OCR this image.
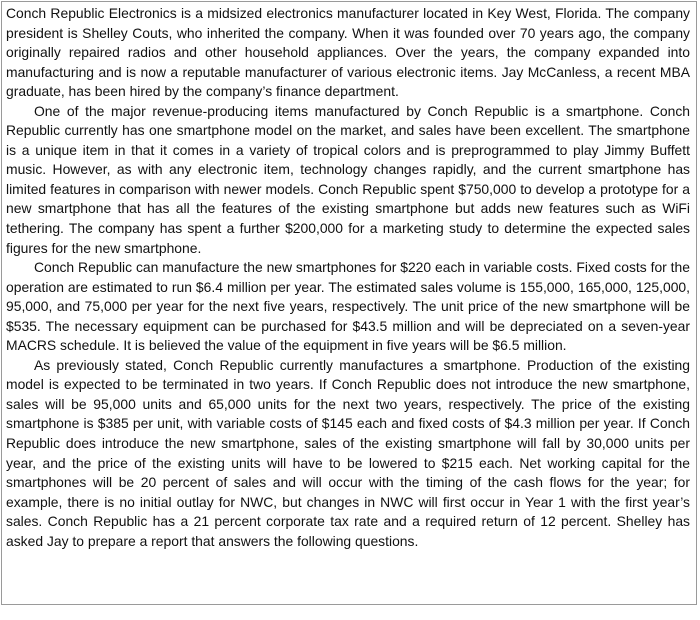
Conch Republic Electronics is a midsized electronics manufacturer located in Key West, Florida. The company president is Shelley Couts, who inherited the company. When it was founded over 70 years ago, the company originally repaired radios and other household appliances. Over the years, the company expanded into manufacturing and is now a reputable manufacturer of various electronic items. Jay McCanless, a recent MBA graduate, has been hired by the company’s finance department.

One of the major revenue-producing items manufactured by Conch Republic is a smartphone. Conch Republic currently has one smartphone model on the market, and sales have been excellent. The smartphone is a unique item in that it comes in a variety of tropical colors and is preprogrammed to play Jimmy Buffett music. However, as with any electronic item, technology changes rapidly, and the current smartphone has limited features in comparison with newer models. Conch Republic spent $750,000 to develop a prototype for a new smartphone that has all the features of the existing smartphone but adds new features such as WiFi tethering. The company has spent a further $200,000 for a marketing study to determine the expected sales figures for the new smartphone.

Conch Republic can manufacture the new smartphones for $220 each in variable costs. Fixed costs for the operation are estimated to run $6.4 million per year. The estimated sales volume is 155,000, 165,000, 125,000, 95,000, and 75,000 per year for the next five years, respectively. The unit price of the new smartphone will be $535. The necessary equipment can be purchased for $43.5 million and will be depreciated on a seven-year MACRS schedule. It is believed the value of the equipment in five years will be $6.5 million.

As previously stated, Conch Republic currently manufactures a smartphone. Production of the existing model is expected to be terminated in two years. If Conch Republic does not introduce the new smartphone, sales will be 95,000 units and 65,000 units for the next two years, respectively. The price of the existing smartphone is $385 per unit, with variable costs of $145 each and fixed costs of $4.3 million per year. If Conch Republic does introduce the new smartphone, sales of the existing smartphone will fall by 30,000 units per year, and the price of the existing units will have to be lowered to $215 each. Net working capital for the smartphones will be 20 percent of sales and will occur with the timing of the cash flows for the year; for example, there is no initial outlay for NWC, but changes in NWC will first occur in Year 1 with the first year’s sales. Conch Republic has a 21 percent corporate tax rate and a required return of 12 percent. Shelley has asked Jay to prepare a report that answers the following questions.
